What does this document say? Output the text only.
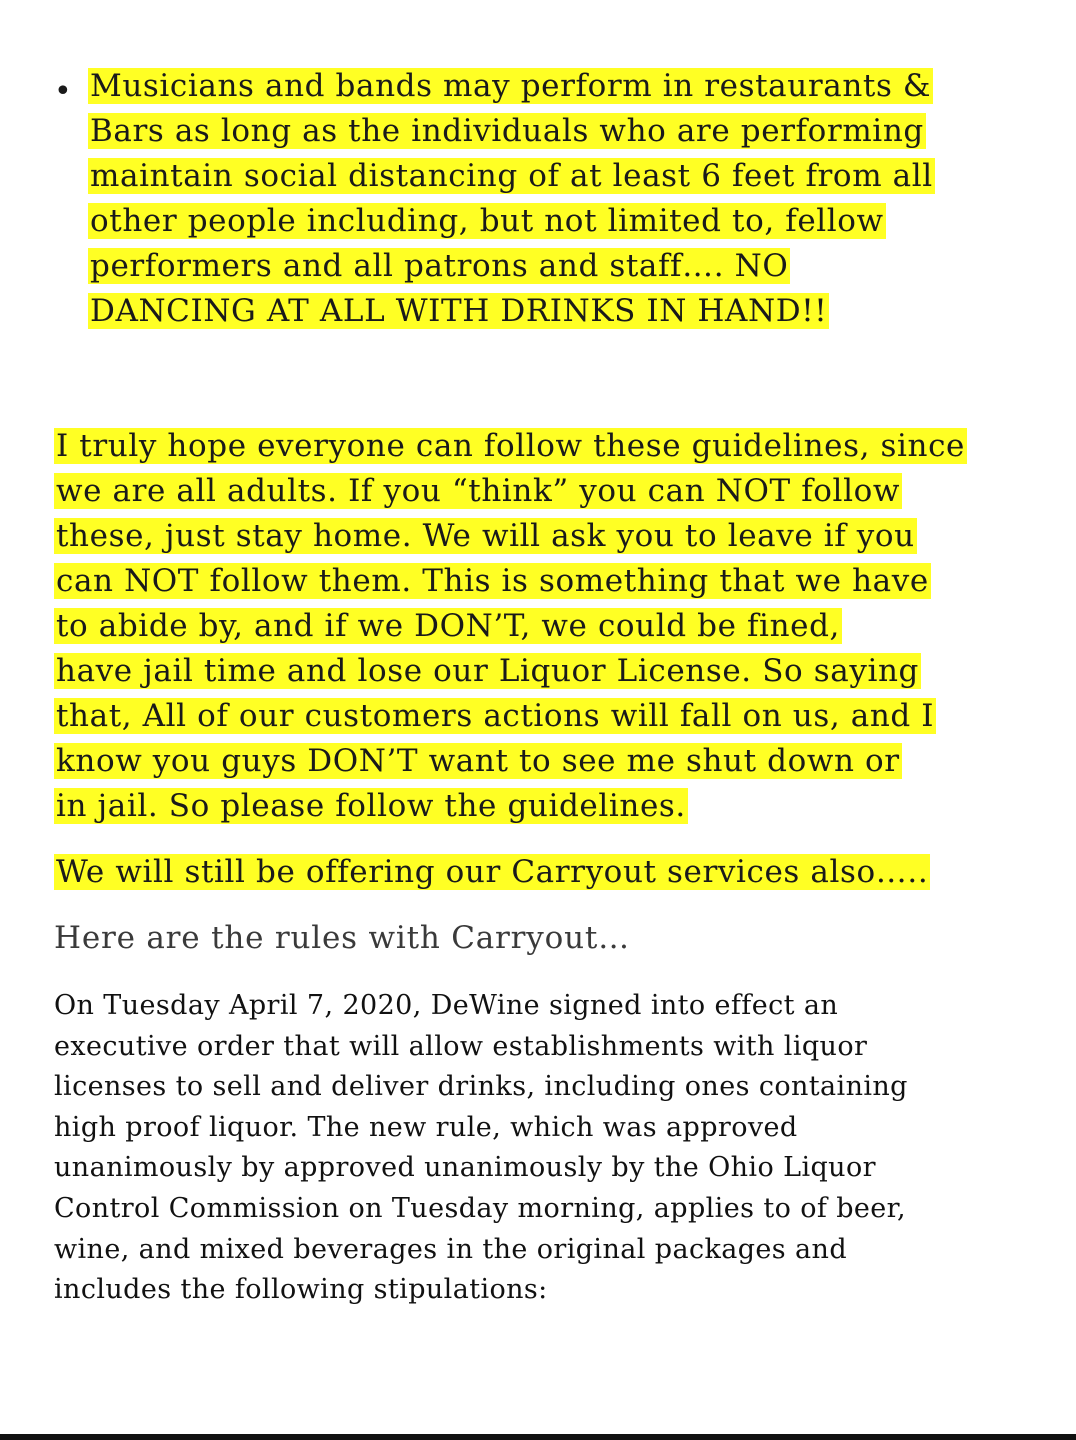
• Musicians and bands may perform in restaurants &
Bars as long as the individuals who are performing
maintain social distancing of at least 6 feet from all
other people including, but not limited to, fellow
performers and all patrons and staff…. NO
DANCING AT ALL WITH DRINKS IN HAND!!
I truly hope everyone can follow these guidelines, since
we are all adults. If you “think” you can NOT follow
these, just stay home. We will ask you to leave if you
can NOT follow them. This is something that we have
to abide by, and if we DON’T, we could be fined,
have jail time and lose our Liquor License. So saying
that, All of our customers actions will fall on us, and I
know you guys DON’T want to see me shut down or
in jail. So please follow the guidelines.
We will still be offering our Carryout services also…..
Here are the rules with Carryout…
On Tuesday April 7, 2020, DeWine signed into effect an
executive order that will allow establishments with liquor
licenses to sell and deliver drinks, including ones containing
high proof liquor. The new rule, which was approved
unanimously by approved unanimously by the Ohio Liquor
Control Commission on Tuesday morning, applies to of beer,
wine, and mixed beverages in the original packages and
includes the following stipulations:
